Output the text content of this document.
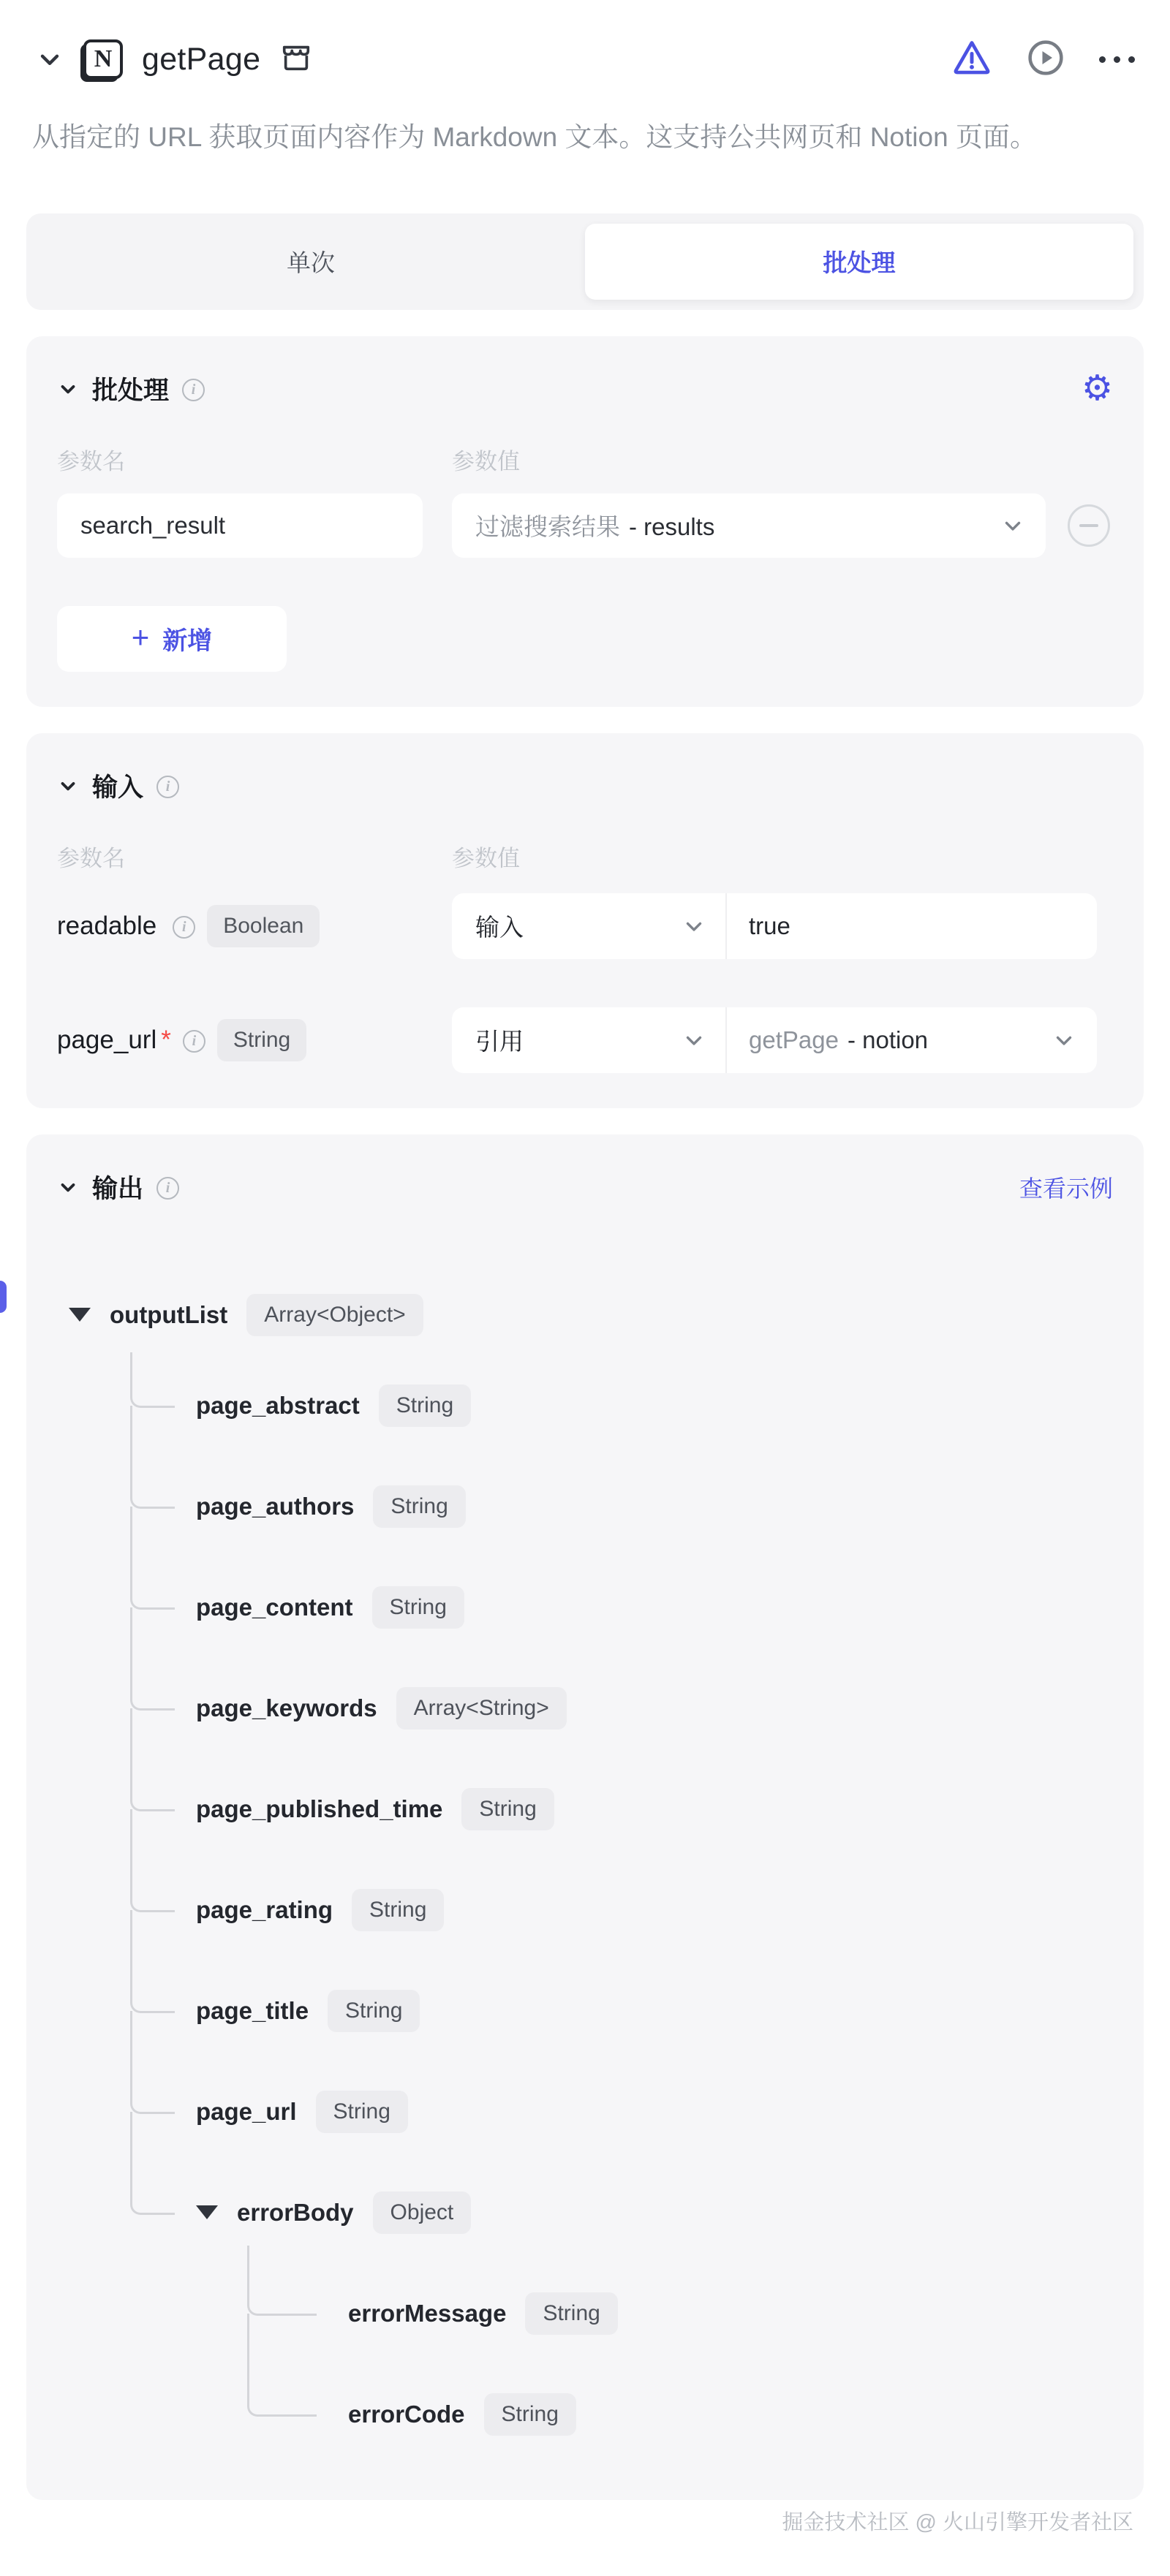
N getPage
从指定的 URL 获取页面内容作为 Markdown 文本。这支持公共网页和 Notion 页面。
单次	批处理
批处理	i	⚙
参数名	参数值
search_result	过滤搜索结果 - results
+ 新增
输入	i
参数名	参数值
readable	i	Boolean	输入	true
page_url *	i	String	引用	getPage - notion
输出	i	查看示例
outputList	Array<Object>
page_abstract	String
page_authors	String
page_content	String
page_keywords	Array<String>
page_published_time	String
page_rating	String
page_title	String
page_url	String
errorBody	Object
errorMessage	String
errorCode	String
掘金技术社区 @ 火山引擎开发者社区
